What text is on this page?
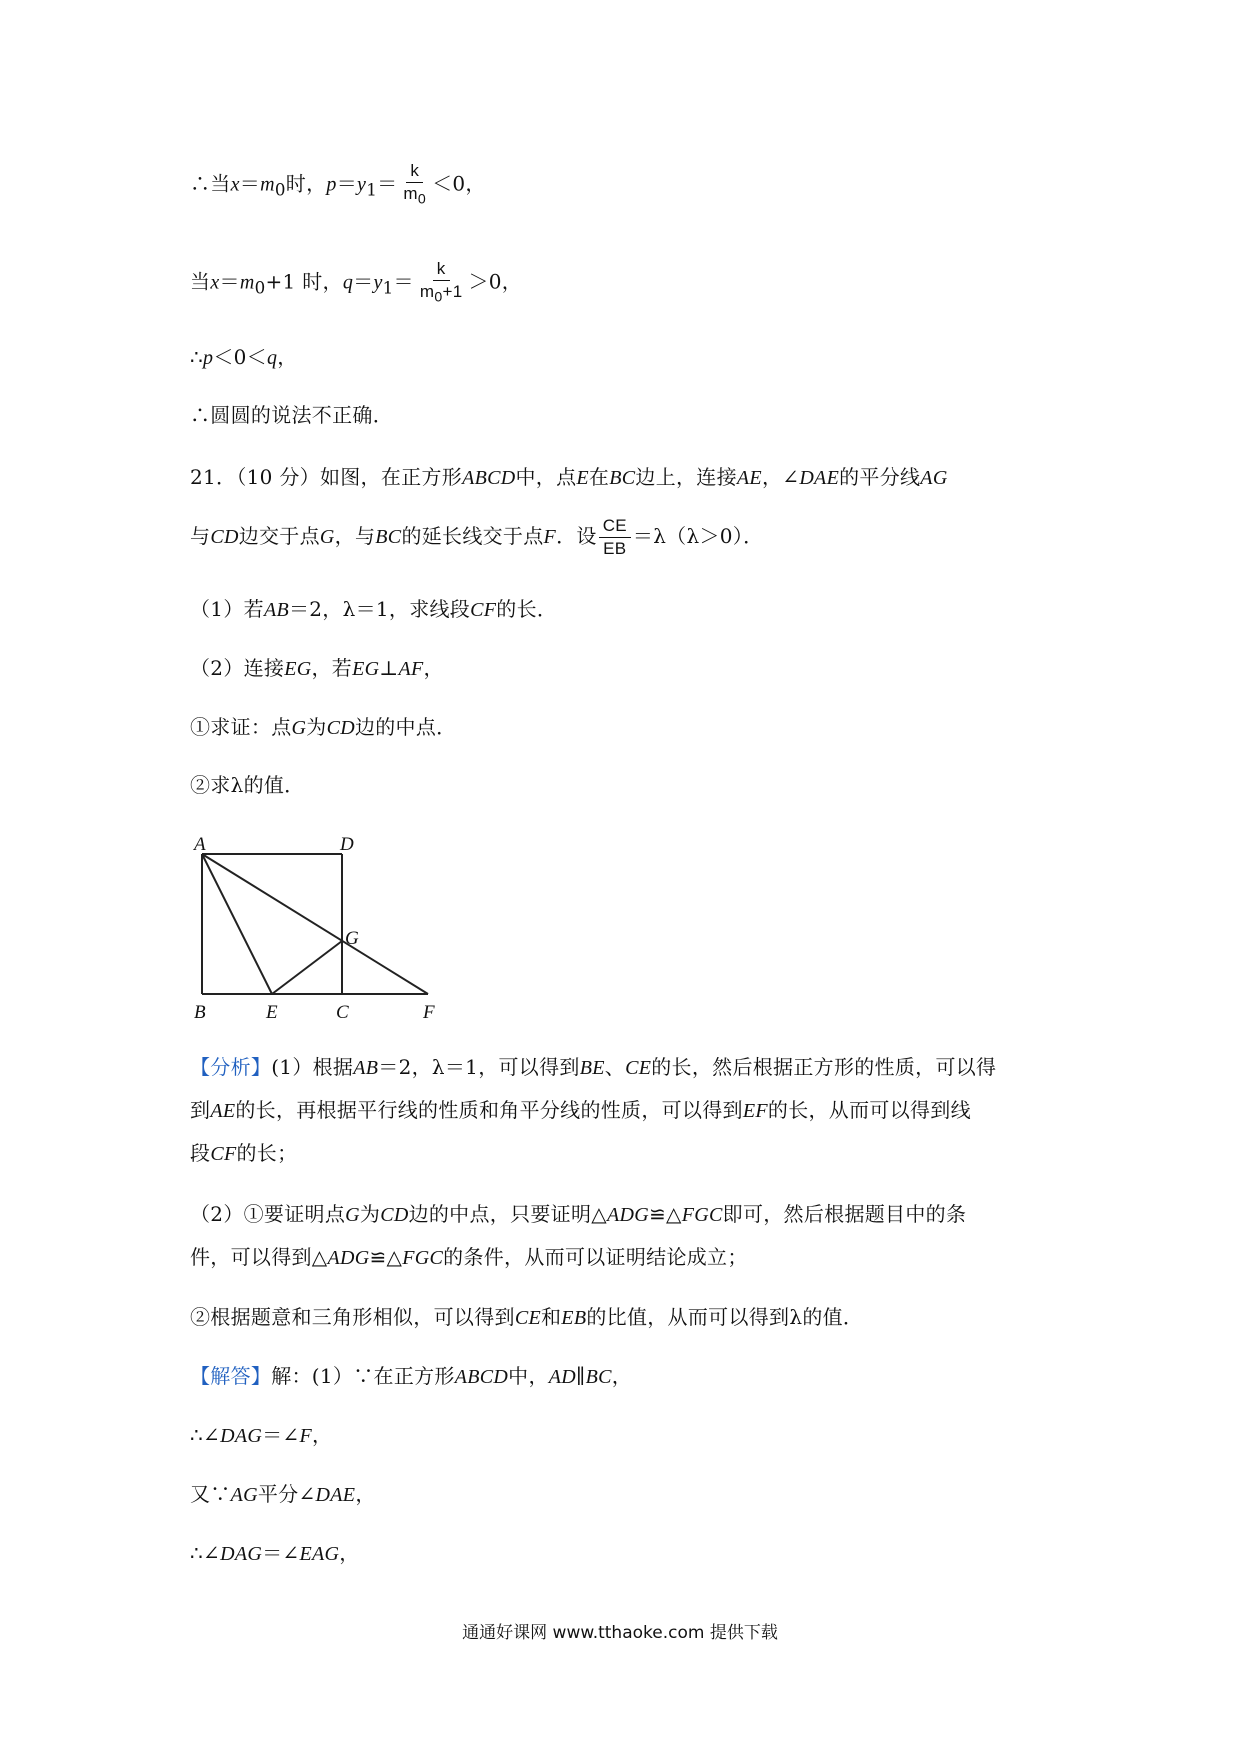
∴当$x=m_0$时，$p=y_1= \frac{k}{m_0} <0$，
当$x=m_0+1$ 时，$q=y_1= \frac{k}{m_0+1} >0$，
∴p＜0＜q，
∴圆圆的说法不正确．
21．（10 分）如图，在正方形ABCD中，点E在BC边上，连接AE，∠DAE的平分线AG
与CD边交于点G，与BC的延长线交于点F．设 $\frac{CE}{EB} =\lambda(\lambda>0)$．
（1）若AB＝2，λ＝1，求线段CF的长．
（2）连接EG，若EG⊥AF，
①求证：点G为CD边的中点．
②求λ的值．
A	D
G
B	E	C	F
【分析】(1）根据AB＝2，λ＝1，可以得到BE、CE的长，然后根据正方形的性质，可以得
到AE的长，再根据平行线的性质和角平分线的性质，可以得到EF的长，从而可以得到线
段CF的长；
（2）①要证明点G为CD边的中点，只要证明△ADG≌△FGC即可，然后根据题目中的条
件，可以得到△ADG≌△FGC的条件，从而可以证明结论成立；
②根据题意和三角形相似，可以得到CE和EB的比值，从而可以得到λ的值．
【解答】解：(1）∵在正方形ABCD中，AD∥BC，
∴∠DAG＝∠F，
又∵AG平分∠DAE，
∴∠DAG＝∠EAG，
通通好课网 www.tthaoke.com 提供下载
